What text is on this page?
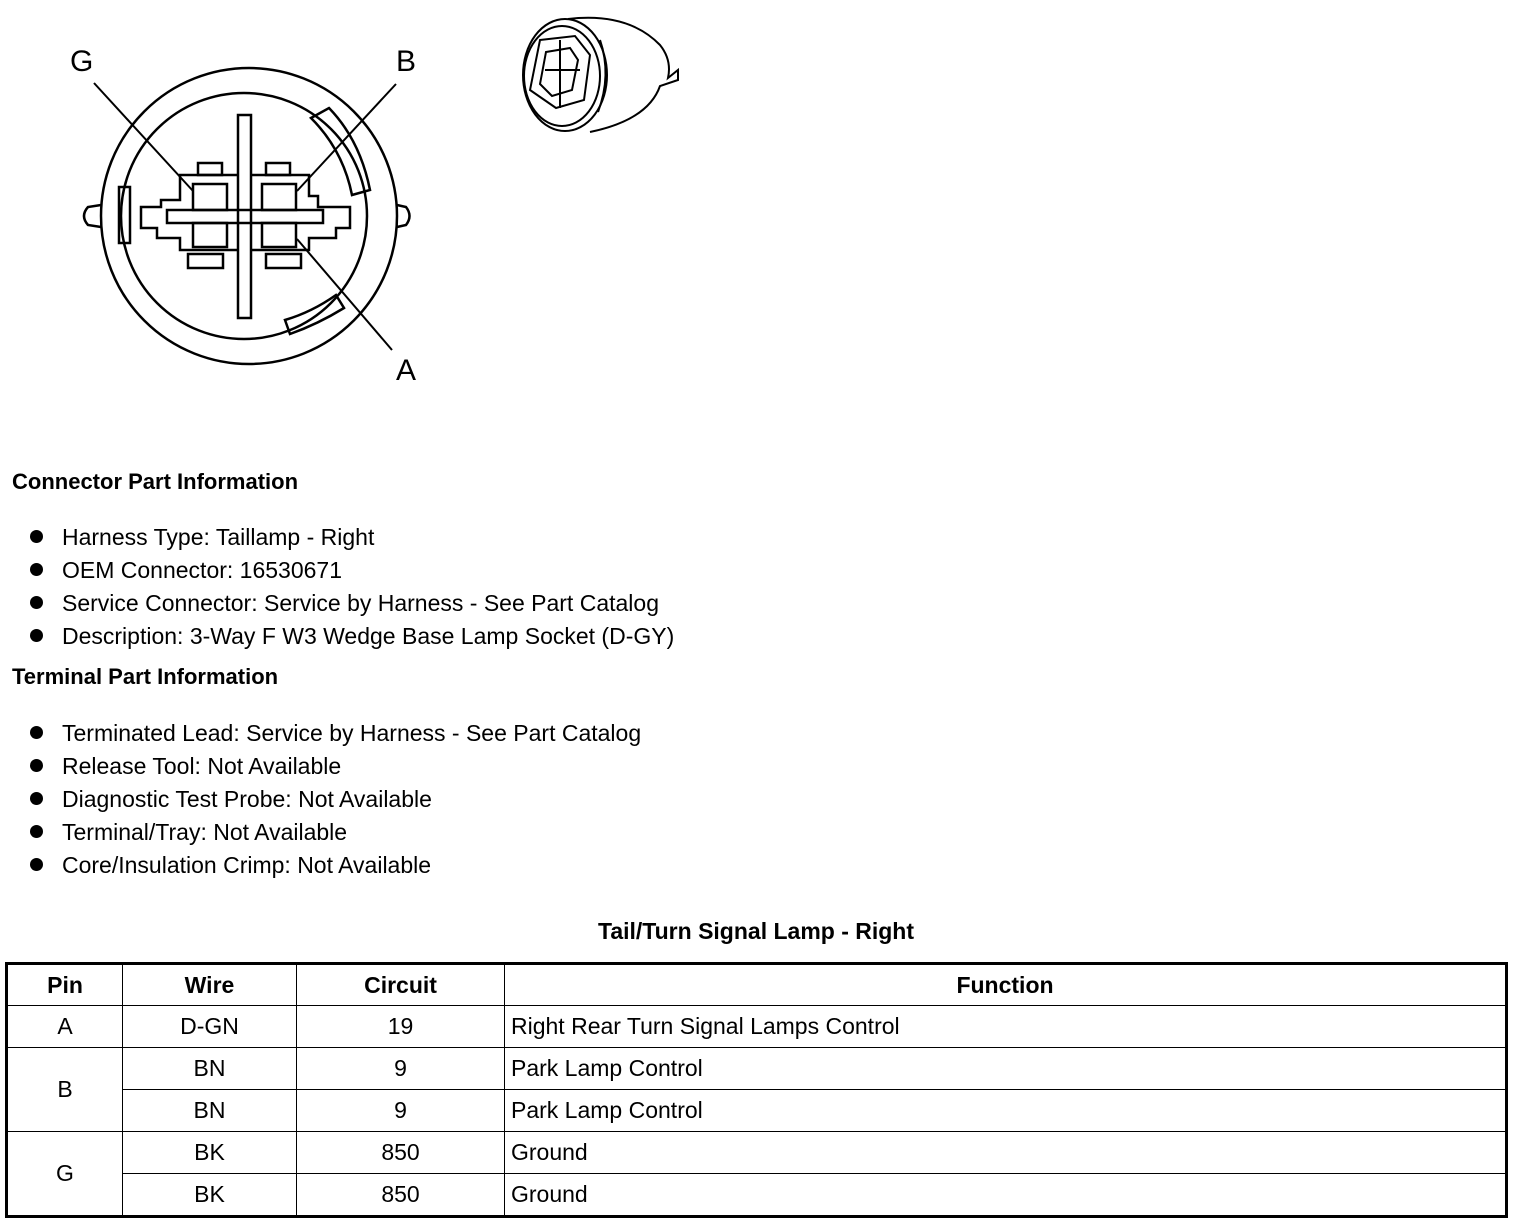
G	B
A
Connector Part Information
Harness Type: Taillamp - Right
OEM Connector: 16530671
Service Connector: Service by Harness - See Part Catalog
Description: 3-Way F W3 Wedge Base Lamp Socket (D-GY)
Terminal Part Information
Terminated Lead: Service by Harness - See Part Catalog
Release Tool: Not Available
Diagnostic Test Probe: Not Available
Terminal/Tray: Not Available
Core/Insulation Crimp: Not Available
Tail/Turn Signal Lamp - Right
Pin	Wire	Circuit	Function
A	D-GN	19	Right Rear Turn Signal Lamps Control
B	BN	9	Park Lamp Control
	BN	9	Park Lamp Control
G	BK	850	Ground
	BK	850	Ground
